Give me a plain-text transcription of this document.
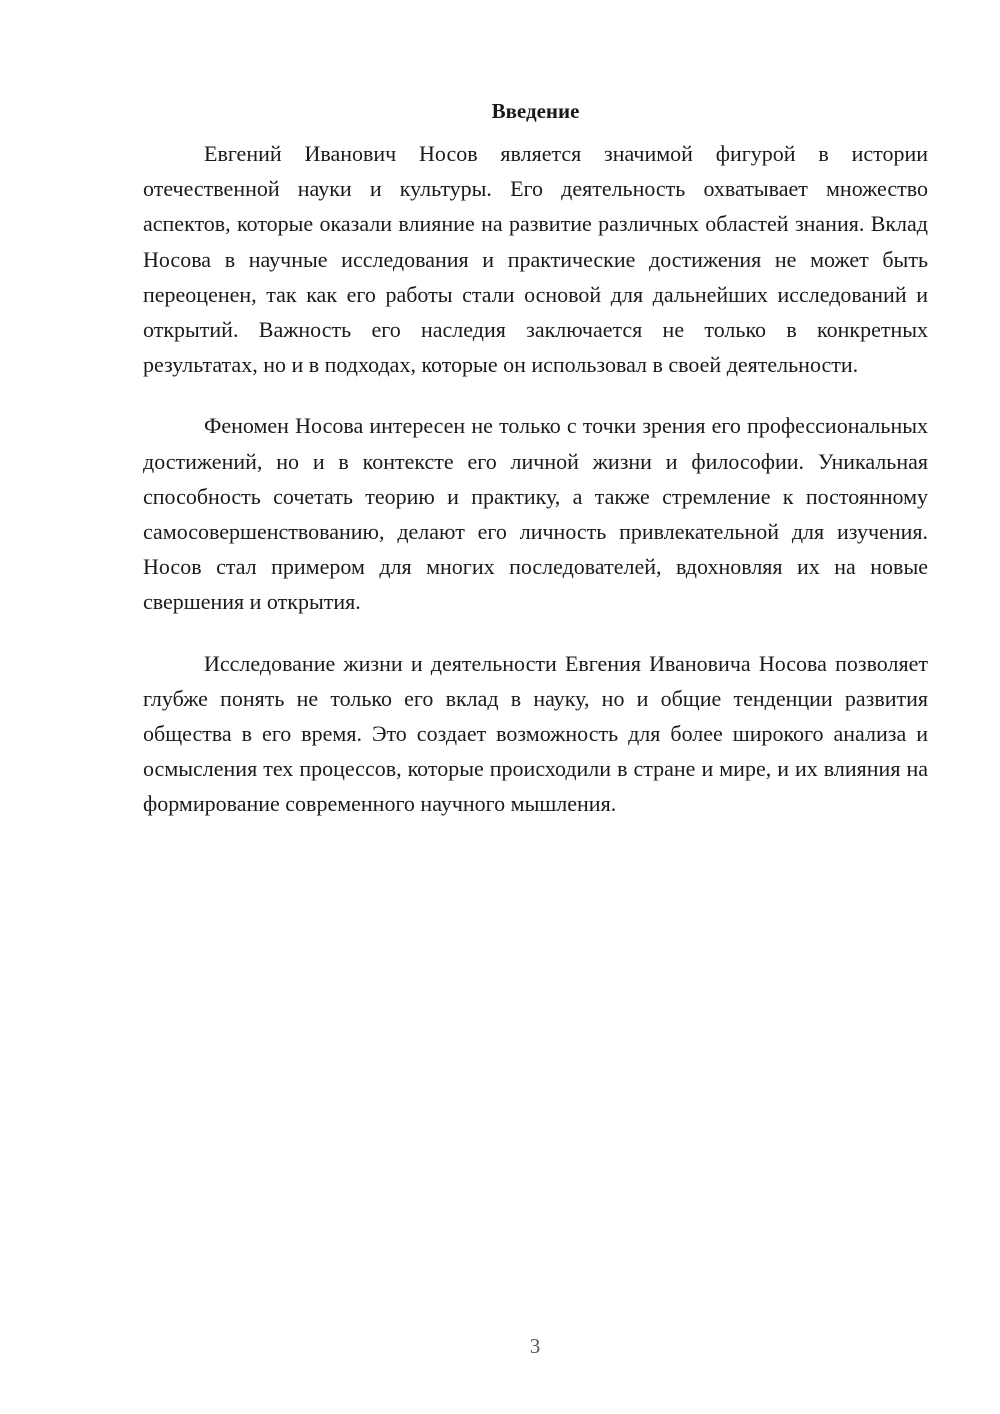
Введение

Евгений Иванович Носов является значимой фигурой в истории отечественной науки и культуры. Его деятельность охватывает множество аспектов, которые оказали влияние на развитие различных областей знания. Вклад Носова в научные исследования и практические достижения не может быть переоценен, так как его работы стали основой для дальнейших исследований и открытий. Важность его наследия заключается не только в конкретных результатах, но и в подходах, которые он использовал в своей деятельности.

Феномен Носова интересен не только с точки зрения его профессиональных достижений, но и в контексте его личной жизни и философии. Уникальная способность сочетать теорию и практику, а также стремление к постоянному самосовершенствованию, делают его личность привлекательной для изучения. Носов стал примером для многих последователей, вдохновляя их на новые свершения и открытия.

Исследование жизни и деятельности Евгения Ивановича Носова позволяет глубже понять не только его вклад в науку, но и общие тенденции развития общества в его время. Это создает возможность для более широкого анализа и осмысления тех процессов, которые происходили в стране и мире, и их влияния на формирование современного научного мышления.

3
